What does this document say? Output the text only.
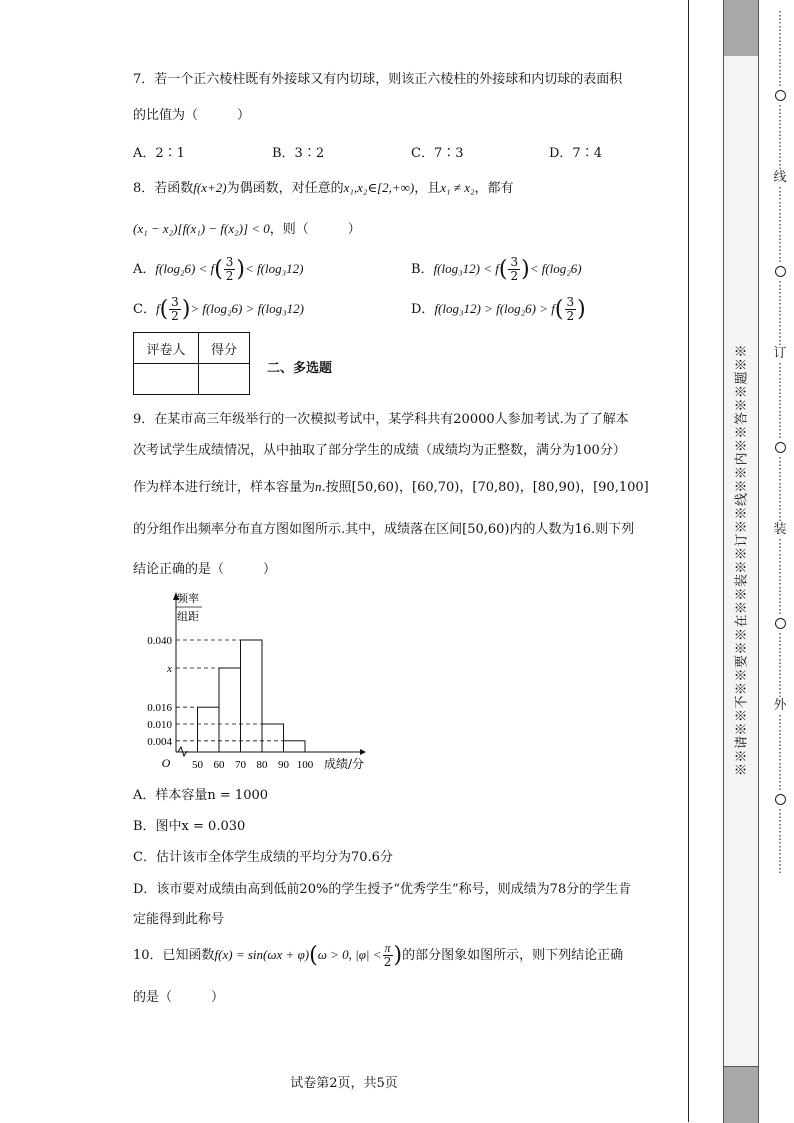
7．若一个正六棱柱既有外接球又有内切球，则该正六棱柱的外接球和内切球的表面积
的比值为（　　　）
A．2∶1	B．3∶2	C．7∶3	D．7∶4
8．若函数f(x+2)为偶函数，对任意的x₁,x₂∈[2,+∞)，且x₁ ≠ x₂，都有
(x₁ − x₂)[f(x₁) − f(x₂)] < 0，则（　　　）
A．$f(\log_26) < f( \frac{3}{2}$ )< f(log₃12)	B．$f(\log_312) < f( \frac{3}{2}$ )< f(log₂6)
C．$f( \frac{3}{2}$ )> f(log₂6) > f(log₃12)	D．$f(\log_312) > f(\log_26) > f( \frac{3}{2}$ )
评卷人	得分

二、多选题
9．在某市高三年级举行的一次模拟考试中，某学科共有20000人参加考试.为了了解本
次考试学生成绩情况，从中抽取了部分学生的成绩（成绩均为正整数，满分为100分）
作为样本进行统计，样本容量为n.按照[50,60)，[60,70)，[70,80)，[80,90)，[90,100]
的分组作出频率分布直方图如图所示.其中，成绩落在区间[50,60)内的人数为16.则下列
结论正确的是（　　　）
0.004
0.010
0.016
x
0.040
50 60 70 80 90 100
O	成绩/分
频率
组距
A．样本容量n = 1000
B．图中x = 0.030
C．估计该市全体学生成绩的平均分为70.6分
D．该市要对成绩由高到低前20%的学生授予“优秀学生”称号，则成绩为78分的学生肯
定能得到此称号
10．已知函数f(x) = sin(ωx + φ)(ω > 0, $|\varphi| < \frac{\pi}{2}$ )的部分图象如图所示，则下列结论正确
的是（　　　）
试卷第2页，共5页
※※请※※不※※要※※在※※装※※订※※线※※内※※答※※题※※
⋮
⋮
⋮
⋮
⋮
⋮
⋮
⋮
⋮
⋮
⋮
⋮
⋮
线
⋮
⋮
⋮
⋮
⋮
⋮
⋮
⋮
⋮
⋮
⋮
⋮
⋮
订
⋮
⋮
⋮
⋮
⋮
⋮
⋮
⋮
⋮
⋮
⋮
⋮
⋮
装
⋮
⋮
⋮
⋮
⋮
⋮
⋮
⋮
⋮
⋮
⋮
⋮
⋮
外
⋮
⋮
⋮
⋮
⋮
⋮
⋮
⋮
⋮
⋮
⋮
⋮
⋮
